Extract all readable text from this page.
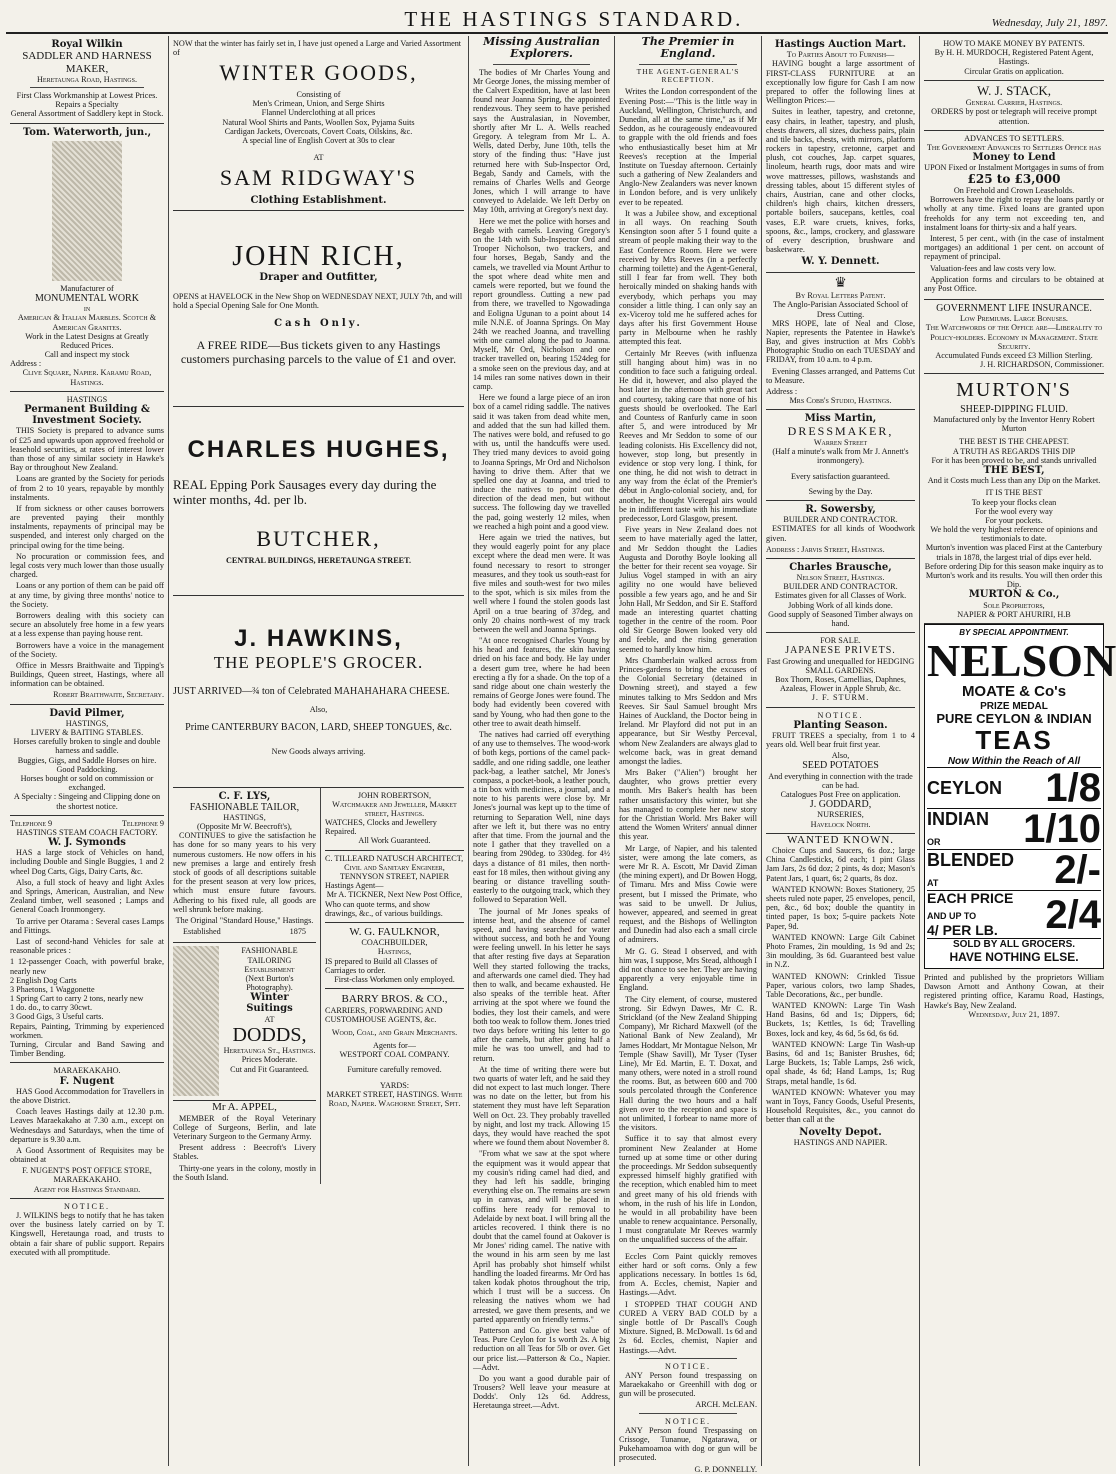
THE HASTINGS STANDARD.	Wednesday, July 21, 1897.
Royal Wilkin
SADDLER AND HARNESS MAKER,
Heretaunga Road, Hastings.
First Class Workmanship at Lowest Prices.
Repairs a Specialty
General Assortment of Saddlery kept in Stock.
Tom. Waterworth, jun.,
Manufacturer of
MONUMENTAL WORK
in
American & Italian Marbles. Scotch & American Granites.
Work in the Latest Designs at Greatly Reduced Prices.
Call and inspect my stock
Address :
Clive Square, Napier. Karamu Road, Hastings.
HASTINGS
Permanent Building & Investment Society.

THIS Society is prepared to advance sums of £25 and upwards upon approved freehold or leasehold securities, at rates of interest lower than those of any similar society in Hawke's Bay or throughout New Zealand.

Loans are granted by the Society for periods of from 2 to 10 years, repayable by monthly instalments.

If from sickness or other causes borrowers are prevented paying their monthly instalments, repayments of principal may be suspended, and interest only charged on the principal owing for the time being.

No procuration or commission fees, and legal costs very much lower than those usually charged.

Loans or any portion of them can be paid off at any time, by giving three months' notice to the Society.

Borrowers dealing with this society can secure an absolutely free home in a few years at a less expense than paying house rent.

Borrowers have a voice in the management of the Society.

Office in Messrs Braithwaite and Tipping's Buildings, Queen street, Hastings, where all information can be obtained.

Robert Braithwaite, Secretary.
David Pilmer,
HASTINGS,
LIVERY & BAITING STABLES.
Horses carefully broken to single and double harness and saddle.
Buggies, Gigs, and Saddle Horses on hire.
Good Paddocking.
Horses bought or sold on commission or exchanged.
A Specialty : Singeing and Clipping done on the shortest notice.
Telephone 9	Telephone 9
HASTINGS STEAM COACH FACTORY.
W. J. Symonds

HAS a large stock of Vehicles on hand, including Double and Single Buggies, 1 and 2 wheel Dog Carts, Gigs, Dairy Carts, &c.

Also, a full stock of heavy and light Axles and Springs, American, Australian, and New Zealand timber, well seasoned ; Lamps and General Coach Ironmongery.

To arrive per Otarama : Several cases Lamps and Fittings.

Last of second-hand Vehicles for sale at reasonable prices :

1 12-passenger Coach, with powerful brake, nearly new
2 English Dog Carts
3 Phaetons, 1 Waggonette
1 Spring Cart to carry 2 tons, nearly new
1 do. do., to carry 30cwt.
3 Good Gigs, 3 Useful carts.
Repairs, Painting, Trimming by experienced workmen.
Turning, Circular and Band Sawing and Timber Bending.
MARAEKAKAHO.
F. Nugent

HAS Good Accommodation for Travellers in the above District.

Coach leaves Hastings daily at 12.30 p.m. Leaves Maraekakaho at 7.30 a.m., except on Wednesdays and Saturdays, when the time of departure is 9.30 a.m.

A Good Assortment of Requisites may be obtained at

F. NUGENT'S POST OFFICE STORE, MARAEKAKAHO.
Agent for Hastings Standard.
NOTICE.

J. WILKINS begs to notify that he has taken over the business lately carried on by T. Kingswell, Heretaunga road, and trusts to obtain a fair share of public support. Repairs executed with all promptitude.

NOW that the winter has fairly set in, I have just opened a Large and Varied Assortment of
WINTER GOODS,
Consisting of
Men's Crimean, Union, and Serge Shirts
Flannel Underclothing at all prices
Natural Wool Shirts and Pants, Woollen Sox, Pyjama Suits
Cardigan Jackets, Overcoats, Covert Coats, Oilskins, &c.
A special line of English Covert at 30s to clear
AT
SAM RIDGWAY'S
Clothing Establishment.
JOHN RICH,
Draper and Outfitter,
OPENS at HAVELOCK in the New Shop on WEDNESDAY NEXT, JULY 7th, and will hold a Special Opening Sale for One Month.
Cash Only.
A FREE RIDE—Bus tickets given to any Hastings customers purchasing parcels to the value of £1 and over.
CHARLES HUGHES,
REAL Epping Pork Sausages every day during the winter months, 4d. per lb.
BUTCHER,
CENTRAL BUILDINGS, HERETAUNGA STREET.
J. HAWKINS,
THE PEOPLE'S GROCER.
JUST ARRIVED—¾ ton of Celebrated MAHAHAHARA CHEESE.
Also,
Prime CANTERBURY BACON, LARD, SHEEP TONGUES, &c.
New Goods always arriving.
C. F. LYS,
FASHIONABLE TAILOR,
HASTINGS,
(Opposite Mr W. Beecroft's),

CONTINUES to give the satisfaction he has done for so many years to his very numerous customers. He now offers in his new premises a large and entirely fresh stock of goods of all descriptions suitable for the present season at very low prices, which must ensure future favours. Adhering to his fixed rule, all goods are well shrunk before making.

The Original "Standard House," Hastings.
Established	1875
FASHIONABLE
TAILORING
Establishment
(Next Burton's Photography).
Winter
Suitings
AT
DODDS,
Heretaunga St., Hastings.
Prices Moderate.
Cut and Fit Guaranteed.
Mr A. APPEL,

MEMBER of the Royal Veterinary College of Surgeons, Berlin, and late Veterinary Surgeon to the Germany Army.

Present address : Beecroft's Livery Stables.

Thirty-one years in the colony, mostly in the South Island.

JOHN ROBERTSON,
Watchmaker and Jeweller, Market street, Hastings.
WATCHES, Clocks and Jewellery Repaired.
All Work Guaranteed.
C. TILLEARD NATUSCH ARCHITECT,
Civil and Sanitary Engineer, TENNYSON STREET, NAPIER
Hastings Agent—
Mr A. TICKNER, Next New Post Office,
Who can quote terms, and show drawings, &c., of various buildings.
W. G. FAULKNOR,
COACHBUILDER,
Hastings,
IS prepared to Build all Classes of Carriages to order.
First-class Workmen only employed.
BARRY BROS. & CO.,
CARRIERS, FORWARDING AND CUSTOMHOUSE AGENTS, &c.
Wood, Coal, and Grain Merchants.
Agents for—
WESTPORT COAL COMPANY.
Furniture carefully removed.
YARDS:
MARKET STREET, HASTINGS. White Road, Napier. Waghorne Street, Spit.
Missing Australian Explorers.

The bodies of Mr Charles Young and Mr George Jones, the missing member of the Calvert Expedition, have at last been found near Joanna Spring, the appointed rendezvous. They seem to have perished says the Australasian, in November, shortly after Mr L. A. Wells reached Gregory. A telegram from Mr L. A. Wells, dated Derby, June 10th, tells the story of the finding thus: "Have just returned here with Sub-Inspector Ord, Begab, Sandy and Camels, with the remains of Charles Wells and George Jones, which I will arrange to have conveyed to Adelaide. We left Derby on May 10th, arriving at Gregory's next day.

Here we met the police with horses and Begab with camels. Leaving Gregory's on the 14th with Sub-Inspector Ord and Trooper Nicholson, two trackers, and four horses, Begab, Sandy and the camels, we travelled via Mount Arthur to the spot where dead white men and camels were reported, but we found the report groundless. Cutting a new pad from there, we travelled to Ngowadinga and Eoligna Ugunan to a point about 14 mile N.N.E. of Joanna Springs. On May 24th we reached Joanna, and travelling with one camel along the pad to Joanna. Myself, Mr Ord, Nicholson and one tracker travelled on, bearing 1524deg for a smoke seen on the previous day, and at 14 miles ran some natives down in their camp.

Here we found a large piece of an iron box of a camel riding saddle. The natives said it was taken from dead white men, and added that the sun had killed them. The natives were bold, and refused to go with us, until the handcuffs were used. They tried many devices to avoid going to Joanna Springs, Mr Ord and Nicholson having to drive them. After that we spelled one day at Joanna, and tried to induce the natives to point out the direction of the dead men, but without success. The following day we travelled the pad, going westerly 12 miles, when we reached a high point and a good view.

Here again we tried the natives, but they would eagerly point for any place except where the dead men were. It was found necessary to resort to stronger measures, and they took us south-east for five miles and south-west for two miles to the spot, which is six miles from the well where I found the stolen goods last April on a true bearing of 37deg, and only 20 chains north-west of my track between the well and Joanna Springs.

"At once recognised Charles Young by his head and features, the skin having dried on his face and body. He lay under a desert gum tree, where he had been erecting a fly for a shade. On the top of a sand ridge about one chain westerly the remains of George Jones were found. The body had evidently been covered with sand by Young, who had then gone to the other tree to await death himself.

The natives had carried off everything of any use to themselves. The wood-work of both kegs, portions of the camel pack-saddle, and one riding saddle, one leather pack-bag, a leather satchel, Mr Jones's compass, a pocket-book, a leather pouch, a tin box with medicines, a journal, and a note to his parents were close by. Mr Jones's journal was kept up to the time of returning to Separation Well, nine days after we left it, but there was no entry after that time. From the journal and the note I gather that they travelled on a bearing from 290deg. to 330deg. for 4½ days a distance of 81 miles, then north-east for 18 miles, then without giving any bearing or distance travelling south-easterly to the outgoing track, which they followed to Separation Well.

The journal of Mr Jones speaks of intense heat, and the absence of camel speed, and having searched for water without success, and both he and Young were feeling unwell. In his letter he says that after resting five days at Separation Well they started following the tracks, and afterwards one camel died. They had then to walk, and became exhausted. He also speaks of the terrible heat. After arriving at the spot where we found the bodies, they lost their camels, and were both too weak to follow them. Jones tried two days before writing his letter to go after the camels, but after going half a mile he was too unwell, and had to return.

At the time of writing there were but two quarts of water left, and he said they did not expect to last much longer. There was no date on the letter, but from his statement they must have left Separation Well on Oct. 23. They probably travelled by night, and lost my track. Allowing 15 days, they would have reached the spot where we found them about November 8.

"From what we saw at the spot where the equipment was it would appear that my cousin's riding camel had died, and they had left his saddle, bringing everything else on. The remains are sewn up in canvas, and will be placed in coffins here ready for removal to Adelaide by next boat. I will bring all the articles recovered. I think there is no doubt that the camel found at Oakover is Mr Jones' riding camel. The native with the wound in his arm seen by me last April has probably shot himself whilst handling the loaded firearms. Mr Ord has taken kodak photos throughout the trip, which I trust will be a success. On releasing the natives whom we had arrested, we gave them presents, and we parted apparently on friendly terms."

Patterson and Co. give best value of Teas. Pure Ceylon for 1s worth 2s. A big reduction on all Teas for 5lb or over. Get our price list.—Patterson & Co., Napier.—Advt.

Do you want a good durable pair of Trousers? Well leave your measure at Dodds'. Only 12s 6d. Address, Heretaunga street.—Advt.

The Premier in England.
THE AGENT-GENERAL'S RECEPTION.

Writes the London correspondent of the Evening Post:—"This is the little way in Auckland, Wellington, Christchurch, and Dunedin, all at the same time," as if Mr Seddon, as he courageously endeavoured to grapple with the old friends and foes who enthusiastically beset him at Mr Reeves's reception at the Imperial Institute on Tuesday afternoon. Certainly such a gathering of New Zealanders and Anglo-New Zealanders was never known in London before, and is very unlikely ever to be repeated.

It was a Jubilee show, and exceptional in all ways. On reaching South Kensington soon after 5 I found quite a stream of people making their way to the East Conference Room. Here we were received by Mrs Reeves (in a perfectly charming toilette) and the Agent-General, still I fear far from well. They both heroically minded on shaking hands with everybody, which perhaps you may consider a little thing. I can only say an ex-Viceroy told me he suffered aches for days after his first Government House party in Melbourne when he rashly attempted this feat.

Certainly Mr Reeves (with influenza still hanging about him) was in no condition to face such a fatiguing ordeal. He did it, however, and also played the host later in the afternoon with great tact and courtesy, taking care that none of his guests should be overlooked. The Earl and Countess of Ranfurly came in soon after 5, and were introduced by Mr Reeves and Mr Seddon to some of our leading colonists. His Excellency did not, however, stop long, but presently in evidence or stop very long. I think, for one thing, he did not wish to detract in any way from the éclat of the Premier's début in Anglo-colonial society, and, for another, he thought Viceregal airs would be in indifferent taste with his immediate predecessor, Lord Glasgow, present.

Five years in New Zealand does not seem to have materially aged the latter, and Mr Seddon thought the Ladies Augusta and Dorothy Boyle looking all the better for their recent sea voyage. Sir Julius Vogel stamped in with an airy agility no one would have believed possible a few years ago, and he and Sir John Hall, Mr Seddon, and Sir E. Stafford made an interesting quartet chatting together in the centre of the room. Poor old Sir George Bowen looked very old and feeble, and the rising generation seemed to hardly know him.

Mrs Chamberlain walked across from Princes-gardens to bring the excuses of the Colonial Secretary (detained in Downing street), and stayed a few minutes talking to Mrs Seddon and Mrs Reeves. Sir Saul Samuel brought Mrs Haines of Auckland, the Doctor being in Ireland. Mr Playford did not put in an appearance, but Sir Westby Perceval, whom New Zealanders are always glad to welcome back, was in great demand amongst the ladies.

Mrs Baker ("Alien") brought her daughter, who grows prettier every month. Mrs Baker's health has been rather unsatisfactory this winter, but she has managed to complete her new story for the Christian World. Mrs Baker will attend the Women Writers' annual dinner this year.

Mr Large, of Napier, and his talented sister, were among the late comers, as were Mr R. A. Escott, Mr David Ziman (the mining expert), and Dr Bowen Hogg, of Timaru. Mrs and Miss Cowie were present, but I missed the Primate, who was said to be unwell. Dr Julius, however, appeared, and seemed in great request, and the Bishops of Wellington and Dunedin had also each a small circle of admirers.

Mr G. G. Stead I observed, and with him was, I suppose, Mrs Stead, although I did not chance to see her. They are having apparently a very enjoyable time in England.

The City element, of course, mustered strong. Sir Edwyn Dawes, Mr C. R. Strickland (of the New Zealand Shipping Company), Mr Richard Maxwell (of the National Bank of New Zealand), Mr James Hoddart, Mr Montague Nelson, Mr Temple (Shaw Savill), Mr Tyser (Tyser Line), Mr Ed. Martin, E. T. Doxat, and many others, were noted in a stroll round the rooms. But, as between 600 and 700 souls percolated through the Conference Hall during the two hours and a half given over to the reception and space is not unlimited, I forbear to name more of the visitors.

Suffice it to say that almost every prominent New Zealander at Home turned up at some time or other during the proceedings. Mr Seddon subsequently expressed himself highly gratified with the reception, which enabled him to meet and greet many of his old friends with whom, in the rush of his life in London, he would in all probability have been unable to renew acquaintance. Personally, I must congratulate Mr Reeves warmly on the unqualified success of the affair.

Eccles Corn Paint quickly removes either hard or soft corns. Only a few applications necessary. In bottles 1s 6d, from A. Eccles, chemist, Napier and Hastings.—Advt.

I STOPPED THAT COUGH AND CURED A VERY BAD COLD by a single bottle of Dr Pascall's Cough Mixture. Signed, B. McDowall. 1s 6d and 2s 6d. Eccles, chemist, Napier and Hastings.—Advt.

NOTICE.

ANY Person found trespassing on Maraekakaho or Greenhill with dog or gun will be prosecuted.

ARCH. McLEAN.
NOTICE.

ANY Person found Trespassing on Crissoge, Tunanue, Ngatarawa, or Pukehamoamoa with dog or gun will be prosecuted.

G. P. DONNELLY.
Hastings Auction Mart.
To Parties About to Furnish—

HAVING bought a large assortment of FIRST-CLASS FURNITURE at an exceptionally low figure for Cash I am now prepared to offer the following lines at Wellington Prices:—

Suites in leather, tapestry, and cretonne, easy chairs, in leather, tapestry, and plush, chests drawers, all sizes, duchess pairs, plain and tile backs, chests, with mirrors, platform rockers in tapestry, cretonne, carpet and plush, cot couches, Jap. carpet squares, linoleum, hearth rugs, door mats and wire wove mattresses, pillows, washstands and dressing tables, about 15 different styles of chairs, Austrian, cane and other clocks, children's high chairs, kitchen dressers, portable boilers, saucepans, kettles, coal vases, E.P. ware cruets, knives, forks, spoons, &c., lamps, crockery, and glassware of every description, brushware and basketware.

W. Y. Dennett.
♛
By Royal Letters Patent.
The Anglo-Parisian Associated School of Dress Cutting.

MRS HOPE, late of Neal and Close, Napier, represents the Patentee in Hawke's Bay, and gives instruction at Mrs Cobb's Photographic Studio on each TUESDAY and FRIDAY, from 10 a.m. to 4 p.m.

Evening Classes arranged, and Patterns Cut to Measure.

Address :
Mrs Cobb's Studio, Hastings.
Miss Martin,
DRESSMAKER,
Warren Street
(Half a minute's walk from Mr J. Annett's ironmongery).
Every satisfaction guaranteed.
Sewing by the Day.
R. Sowersby,
BUILDER AND CONTRACTOR.

ESTIMATES for all kinds of Woodwork given.

Address : Jarvis Street, Hastings.
Charles Brausche,
Nelson Street, Hastings.
BUILDER AND CONTRACTOR.
Estimates given for all Classes of Work.
Jobbing Work of all kinds done.
Good supply of Seasoned Timber always on hand.
FOR SALE.
JAPANESE PRIVETS.
Fast Growing and unequalled for HEDGING SMALL GARDENS.
Box Thorn, Roses, Camellias, Daphnes, Azaleas, Flower in Apple Shrub, &c.
J. F. STURM.
NOTICE.
Planting Season.

FRUIT TREES a specialty, from 1 to 4 years old. Well bear fruit first year.

Also,
SEED POTATOES
And everything in connection with the trade can be had.
Catalogues Post Free on application.
J. GODDARD,
NURSERIES,
Havelock North.
WANTED KNOWN.

Choice Cups and Saucers, 6s doz.; large China Candlesticks, 6d each; 1 pint Glass Jam Jars, 2s 6d doz; 2 pints, 4s doz; Mason's Patent Jars, 1 quart, 6s; 2 quarts, 8s doz.

WANTED KNOWN: Boxes Stationery, 25 sheets ruled note paper, 25 envelopes, pencil, pen, &c., 6d box; double the quantity in tinted paper, 1s box; 5-quire packets Note Paper, 9d.

WANTED KNOWN: Large Gilt Cabinet Photo Frames, 2in moulding, 1s 9d and 2s; 3in moulding, 3s 6d. Guaranteed best value in N.Z.

WANTED KNOWN: Crinkled Tissue Paper, various colors, two lamp Shades, Table Decorations, &c., per bundle.

WANTED KNOWN: Large Tin Wash Hand Basins, 6d and 1s; Dippers, 6d; Buckets, 1s; Kettles, 1s 6d; Travelling Boxes, lock and key, 4s 6d, 5s 6d, 6s 6d.

WANTED KNOWN: Large Tin Wash-up Basins, 6d and 1s; Banister Brushes, 6d; Large Buckets, 1s; Table Lamps, 2s6 wick, opal shade, 4s 6d; Hand Lamps, 1s; Rug Straps, metal handle, 1s 6d.

WANTED KNOWN: Whatever you may want in Toys, Fancy Goods, Useful Presents, Household Requisites, &c., you cannot do better than call at the

Novelty Depot.
HASTINGS AND NAPIER.
HOW TO MAKE MONEY BY PATENTS.
By H. H. MURDOCH, Registered Patent Agent, Hastings.
Circular Gratis on application.
W. J. STACK,
General Carrier, Hastings.
ORDERS by post or telegraph will receive prompt attention.
ADVANCES TO SETTLERS.
The Government Advances to Settlers Office has
Money to Lend
UPON Fixed or Instalment Mortgages in sums of from
£25 to £3,000
On Freehold and Crown Leaseholds.

Borrowers have the right to repay the loans partly or wholly at any time. Fixed loans are granted upon freeholds for any term not exceeding ten, and instalment loans for thirty-six and a half years.

Interest, 5 per cent., with (in the case of instalment mortgages) an additional 1 per cent. on account of repayment of principal.

Valuation-fees and law costs very low.

Application forms and circulars to be obtained at any Post Office.

GOVERNMENT LIFE INSURANCE.
Low Premiums. Large Bonuses.
The Watchwords of the Office are—Liberality to Policy-holders. Economy in Management. State Security.
Accumulated Funds exceed £3 Million Sterling.
J. H. RICHARDSON, Commissioner.
MURTON'S
SHEEP-DIPPING FLUID.
Manufactured only by the Inventor Henry Robert Murton
THE BEST IS THE CHEAPEST.
A TRUTH AS REGARDS THIS DIP
For it has been proved to be, and stands unrivalled
THE BEST,
And it Costs much Less than any Dip on the Market.
IT IS THE BEST
To keep your flocks clean
For the wool every way
For your pockets.
We hold the very highest reference of opinions and testimonials to date.
Murton's invention was placed First at the Canterbury trials in 1878, the largest trial of dips ever held.
Before ordering Dip for this season make inquiry as to Murton's work and its results. You will then order this Dip.
MURTON & Co.,
Sole Proprietors,
NAPIER & PORT AHURIRI, H.B
BY SPECIAL APPOINTMENT.
NELSON
MOATE & Co's
PRIZE MEDAL
PURE CEYLON & INDIAN
TEAS
Now Within the Reach of All
CEYLON 1/8
INDIAN
OR	1/10
BLENDED
AT	2/-
EACH PRICE
AND UP TO
4/ PER LB.	2/4
SOLD BY ALL GROCERS.
HAVE NOTHING ELSE.
Printed and published by the proprietors William Dawson Arnott and Anthony Cowan, at their registered printing office, Karamu Road, Hastings, Hawke's Bay, New Zealand.
Wednesday, July 21, 1897.
